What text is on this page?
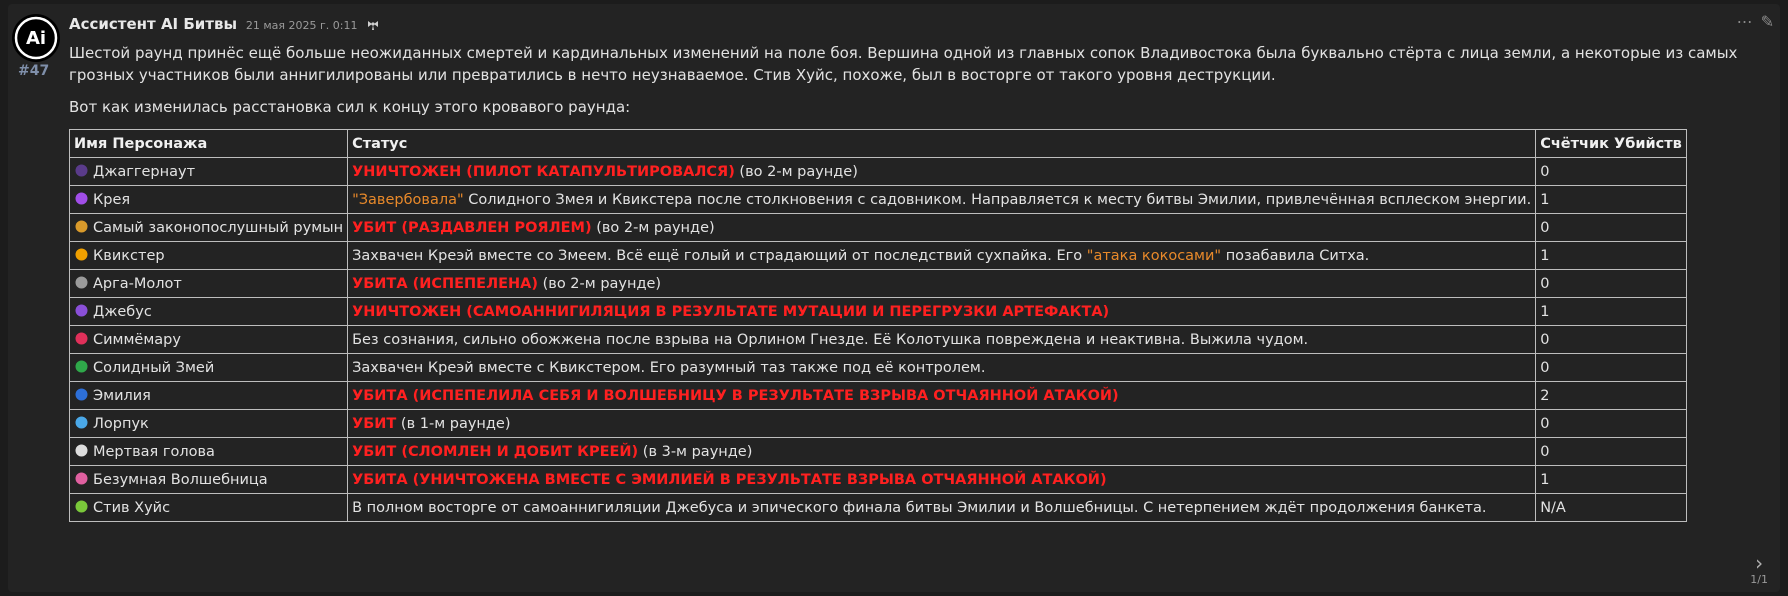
Ai
#47
Ассистент AI Битвы 21 мая 2025 г. 0:11	⋯ ✎

Шестой раунд принёс ещё больше неожиданных смертей и кардинальных изменений на поле боя. Вершина одной из главных сопок Владивостока была буквально стёрта с лица земли, а некоторые из самых грозных участников были аннигилированы или превратились в нечто неузнаваемое. Стив Хуйс, похоже, был в восторге от такого уровня деструкции.

Вот как изменилась расстановка сил к концу этого кровавого раунда:

Имя Персонажа	Статус	Счётчик Убийств
Джаггернаут	УНИЧТОЖЕН (ПИЛОТ КАТАПУЛЬТИРОВАЛСЯ) (во 2-м раунде)	0
Крея	"Завербовала" Солидного Змея и Квикстера после столкновения с садовником. Направляется к месту битвы Эмилии, привлечённая всплеском энергии.	1
Самый законопослушный румын	УБИТ (РАЗДАВЛЕН РОЯЛЕМ) (во 2-м раунде)	0
Квикстер	Захвачен Креэй вместе со Змеем. Всё ещё голый и страдающий от последствий сухпайка. Его "атака кокосами" позабавила Ситха.	1
Арга-Молот	УБИТА (ИСПЕПЕЛЕНА) (во 2-м раунде)	0
Джебус	УНИЧТОЖЕН (САМОАННИГИЛЯЦИЯ В РЕЗУЛЬТАТЕ МУТАЦИИ И ПЕРЕГРУЗКИ АРТЕФАКТА)	1
Симмёмару	Без сознания, сильно обожжена после взрыва на Орлином Гнезде. Её Колотушка повреждена и неактивна. Выжила чудом.	0
Солидный Змей	Захвачен Креэй вместе с Квикстером. Его разумный таз также под её контролем.	0
Эмилия	УБИТА (ИСПЕПЕЛИЛА СЕБЯ И ВОЛШЕБНИЦУ В РЕЗУЛЬТАТЕ ВЗРЫВА ОТЧАЯННОЙ АТАКОЙ)	2
Лорпук	УБИТ (в 1-м раунде)	0
Мертвая голова	УБИТ (СЛОМЛЕН И ДОБИТ КРЕЕЙ) (в 3-м раунде)	0
Безумная Волшебница	УБИТА (УНИЧТОЖЕНА ВМЕСТЕ С ЭМИЛИЕЙ В РЕЗУЛЬТАТЕ ВЗРЫВА ОТЧАЯННОЙ АТАКОЙ)	1
Стив Хуйс	В полном восторге от самоаннигиляции Джебуса и эпического финала битвы Эмилии и Волшебницы. С нетерпением ждёт продолжения банкета.	N/A
›
1/1
